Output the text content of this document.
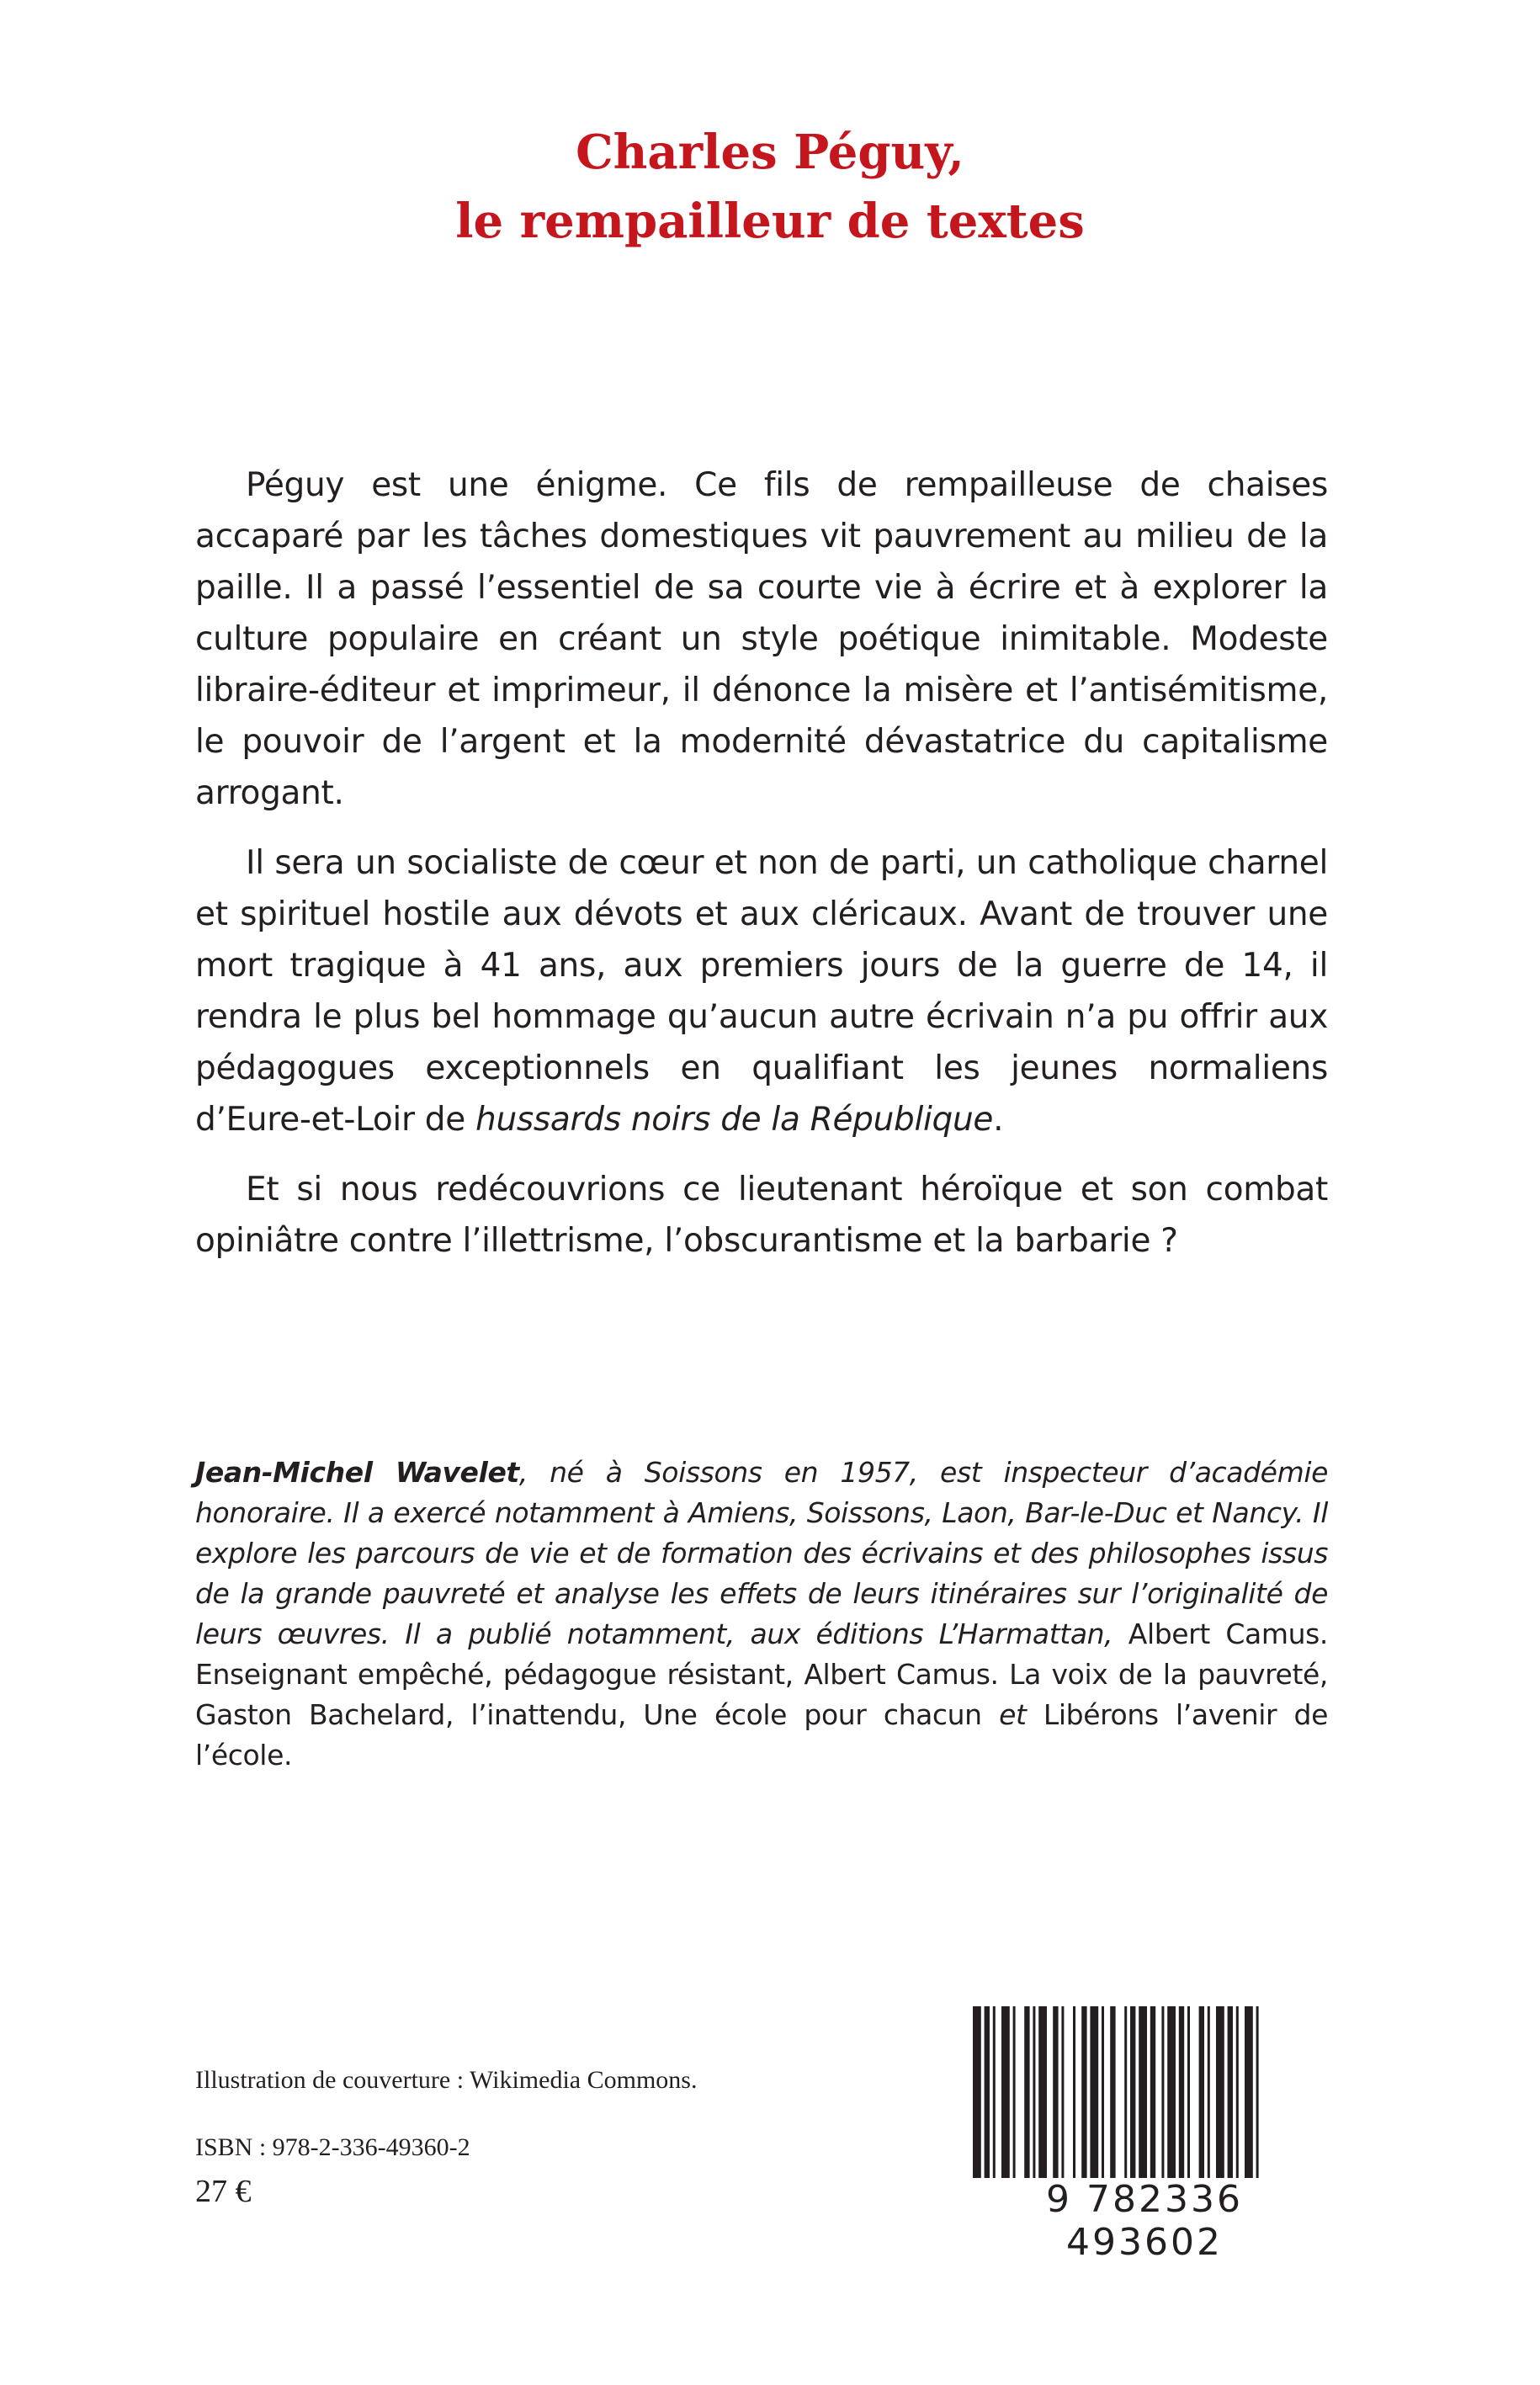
Charles Péguy,
le rempailleur de textes

Péguy est une énigme. Ce fils de rempailleuse de chaises accaparé par les tâches domestiques vit pauvrement au milieu de la paille. Il a passé l’essentiel de sa courte vie à écrire et à explorer la culture populaire en créant un style poétique inimitable. Modeste libraire-éditeur et imprimeur, il dénonce la misère et l’antisémitisme, le pouvoir de l’argent et la modernité dévastatrice du capitalisme arrogant.

Il sera un socialiste de cœur et non de parti, un catholique charnel et spirituel hostile aux dévots et aux cléricaux. Avant de trouver une mort tragique à 41 ans, aux premiers jours de la guerre de 14, il rendra le plus bel hommage qu’aucun autre écrivain n’a pu offrir aux pédagogues exceptionnels en qualifiant les jeunes normaliens d’Eure-et-Loir de hussards noirs de la République.

Et si nous redécouvrions ce lieutenant héroïque et son combat opiniâtre contre l’illettrisme, l’obscurantisme et la barbarie ?

Jean-Michel Wavelet, né à Soissons en 1957, est inspecteur d’académie honoraire. Il a exercé notamment à Amiens, Soissons, Laon, Bar-le-Duc et Nancy. Il explore les parcours de vie et de formation des écrivains et des philosophes issus de la grande pauvreté et analyse les effets de leurs itinéraires sur l’originalité de leurs œuvres. Il a publié notamment, aux éditions L’Harmattan, Albert Camus. Enseignant empêché, pédagogue résistant, Albert Camus. La voix de la pauvreté, Gaston Bachelard, l’inattendu, Une école pour chacun et Libérons l’avenir de l’école.
Illustration de couverture : Wikimedia Commons.
ISBN : 978-2-336-49360-2
27 €	9 782336 493602
